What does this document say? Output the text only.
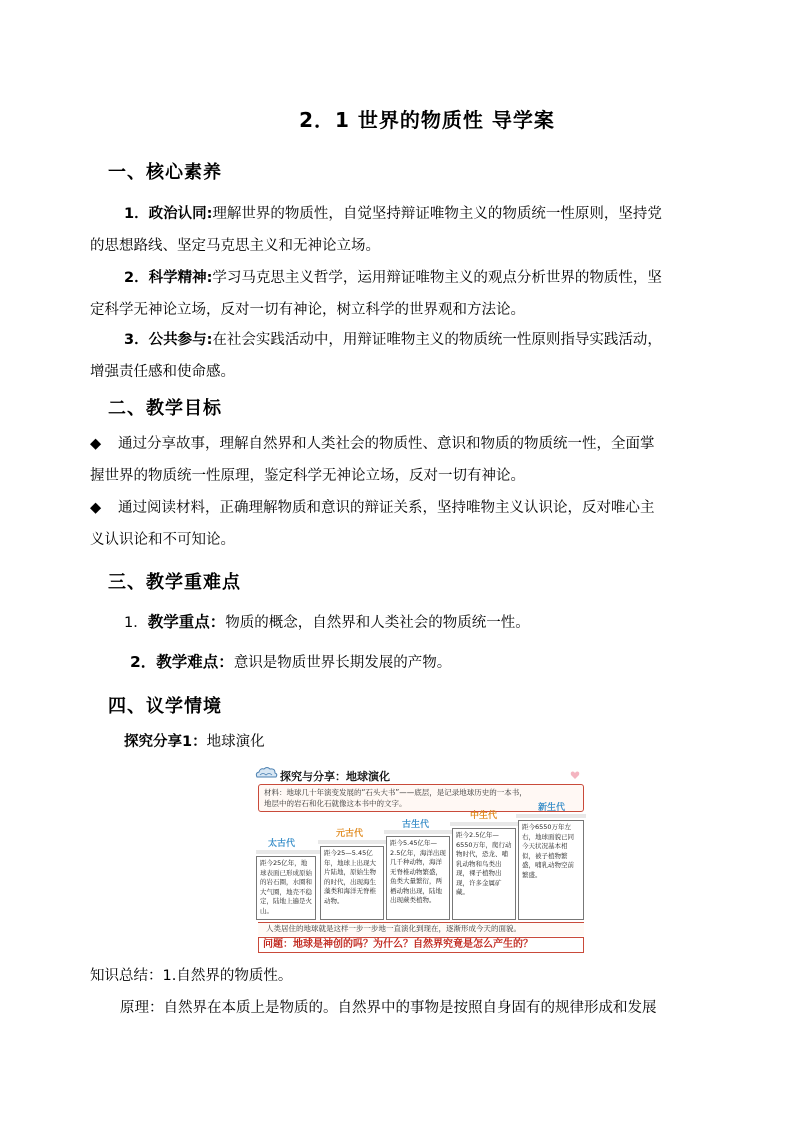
2．1 世界的物质性 导学案
一、核心素养
1．政治认同:理解世界的物质性，自觉坚持辩证唯物主义的物质统一性原则，坚持党
的思想路线、坚定马克思主义和无神论立场。
2．科学精神:学习马克思主义哲学，运用辩证唯物主义的观点分析世界的物质性，坚
定科学无神论立场，反对一切有神论，树立科学的世界观和方法论。
3．公共参与:在社会实践活动中，用辩证唯物主义的物质统一性原则指导实践活动，
增强责任感和使命感。
二、教学目标
◆ 通过分享故事，理解自然界和人类社会的物质性、意识和物质的物质统一性，全面掌
握世界的物质统一性原理，鉴定科学无神论立场，反对一切有神论。
◆ 通过阅读材料，正确理解物质和意识的辩证关系，坚持唯物主义认识论，反对唯心主
义认识论和不可知论。
三、教学重难点
1．教学重点：物质的概念，自然界和人类社会的物质统一性。
2．教学难点：意识是物质世界长期发展的产物。
四、议学情境
探究分享1：地球演化
探究与分享：地球演化
材料：地球几十年演变发展的“石头大书”——底层，是记录地球历史的一本书，
地层中的岩石和化石就像这本书中的文字。
太古代
元古代
古生代
中生代
新生代
距今25亿年，地球表面已形成原始的岩石圈，水圈和大气圈，地壳不稳定，陆地上遍是火山。
距今25—5.45亿年，地球上出现大片陆地，原始生物的时代，出现海生藻类和海洋无脊椎动物。
距今5.45亿年—2.5亿年，海洋出现几千种动物，海洋无脊椎动物繁盛，鱼类大量繁衍，两栖动物出现，陆地出现蕨类植物。
距今2.5亿年—6550万年，爬行动物时代，恐龙、哺乳动物和鸟类出现，裸子植物出现，许多金属矿藏。
距今6550万年左右，地球面貌已同今天状况基本相似，被子植物繁盛，哺乳动物空前繁盛。
人类居住的地球就是这样一步一步地一直演化到现在，逐渐形成今天的面貌。
问题：地球是神创的吗？为什么？自然界究竟是怎么产生的？
知识总结：1.自然界的物质性。
原理：自然界在本质上是物质的。自然界中的事物是按照自身固有的规律形成和发展
